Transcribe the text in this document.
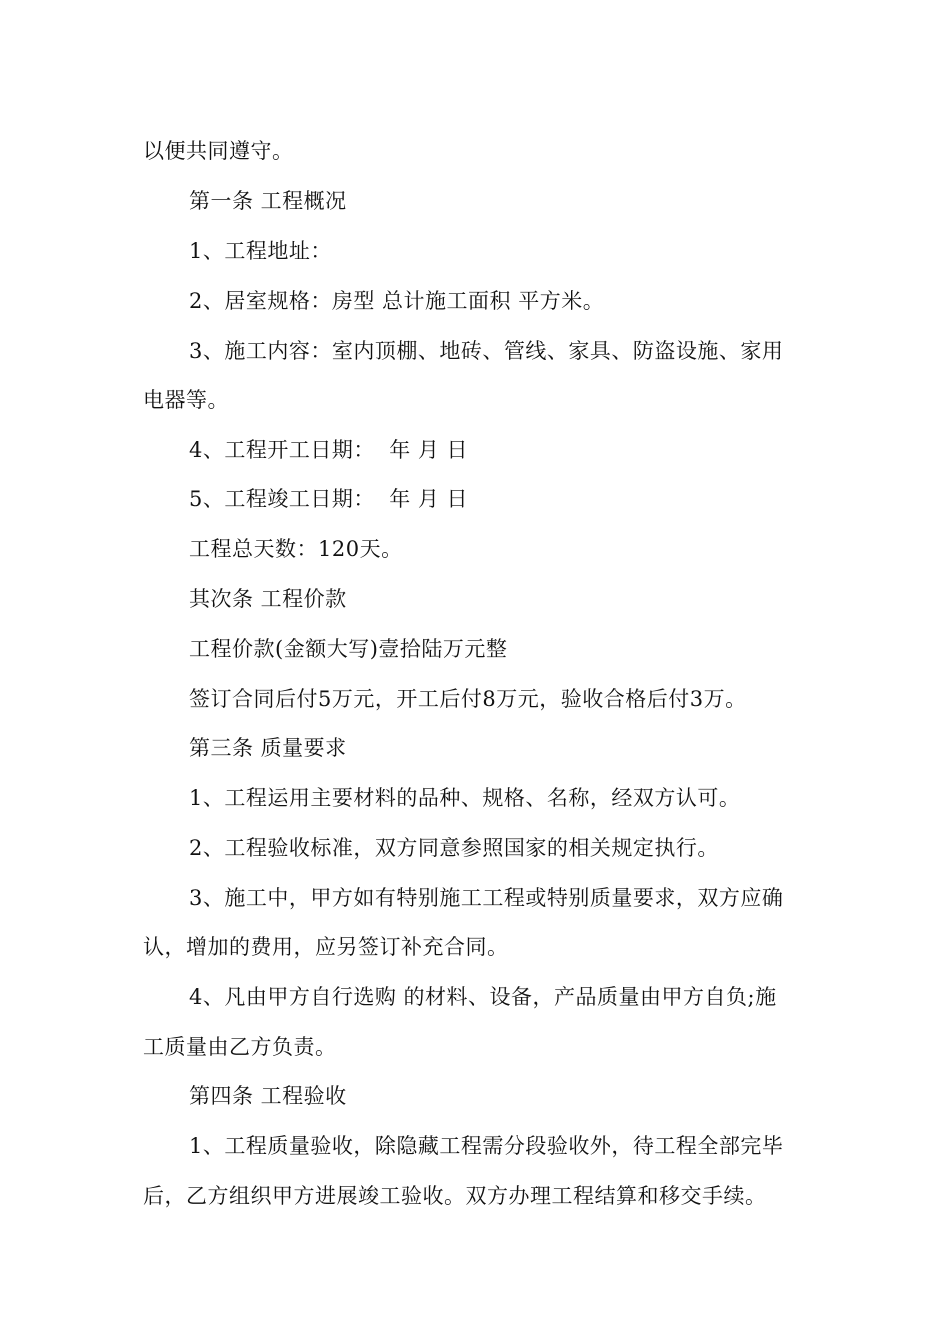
以便共同遵守。
第一条 工程概况
1、工程地址：
2、居室规格：房型 总计施工面积 平方米。
3、施工内容：室内顶棚、地砖、管线、家具、防盗设施、家用
电器等。
4、工程开工日期：  年 月 日
5、工程竣工日期：  年 月 日
工程总天数：120天。
其次条 工程价款
工程价款(金额大写)壹拾陆万元整
签订合同后付5万元，开工后付8万元，验收合格后付3万。
第三条 质量要求
1、工程运用主要材料的品种、规格、名称，经双方认可。
2、工程验收标准，双方同意参照国家的相关规定执行。
3、施工中，甲方如有特别施工工程或特别质量要求，双方应确
认，增加的费用，应另签订补充合同。
4、凡由甲方自行选购 的材料、设备，产品质量由甲方自负;施
工质量由乙方负责。
第四条 工程验收
1、工程质量验收，除隐藏工程需分段验收外，待工程全部完毕
后，乙方组织甲方进展竣工验收。双方办理工程结算和移交手续。
